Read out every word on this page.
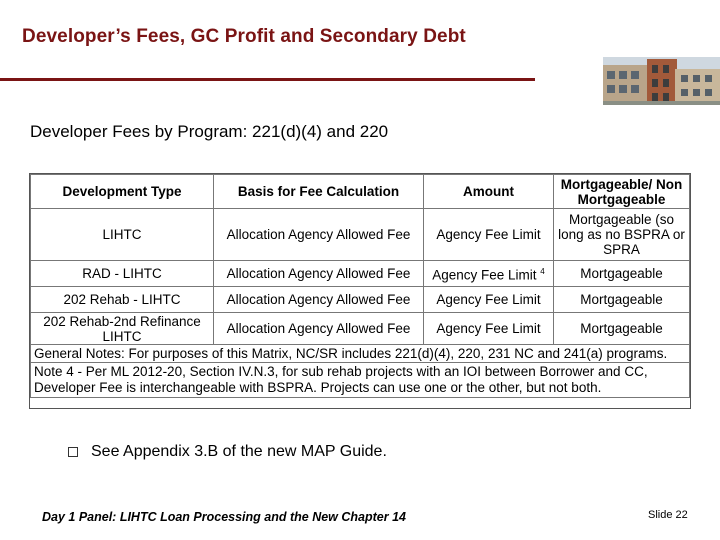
Developer’s Fees, GC Profit and Secondary Debt
Developer Fees by Program: 221(d)(4) and 220
Development Type	Basis for Fee Calculation	Amount	Mortgageable/ Non Mortgageable
LIHTC	Allocation Agency Allowed Fee	Agency Fee Limit	Mortgageable (so long as no BSPRA or SPRA
RAD - LIHTC	Allocation Agency Allowed Fee	Agency Fee Limit $^4$	Mortgageable
202 Rehab - LIHTC	Allocation Agency Allowed Fee	Agency Fee Limit	Mortgageable
202 Rehab-2nd Refinance LIHTC	Allocation Agency Allowed Fee	Agency Fee Limit	Mortgageable
General Notes: For purposes of this Matrix, NC/SR includes 221(d)(4), 220, 231 NC and 241(a) programs.			
Note 4 - Per ML 2012-20, Section IV.N.3, for sub rehab projects with an IOI between Borrower and CC, Developer Fee is interchangeable with BSPRA. Projects can use one or the other, but not both.			
See Appendix 3.B of the new MAP Guide.
Day 1 Panel: LIHTC Loan Processing and the New Chapter 14	Slide 22
